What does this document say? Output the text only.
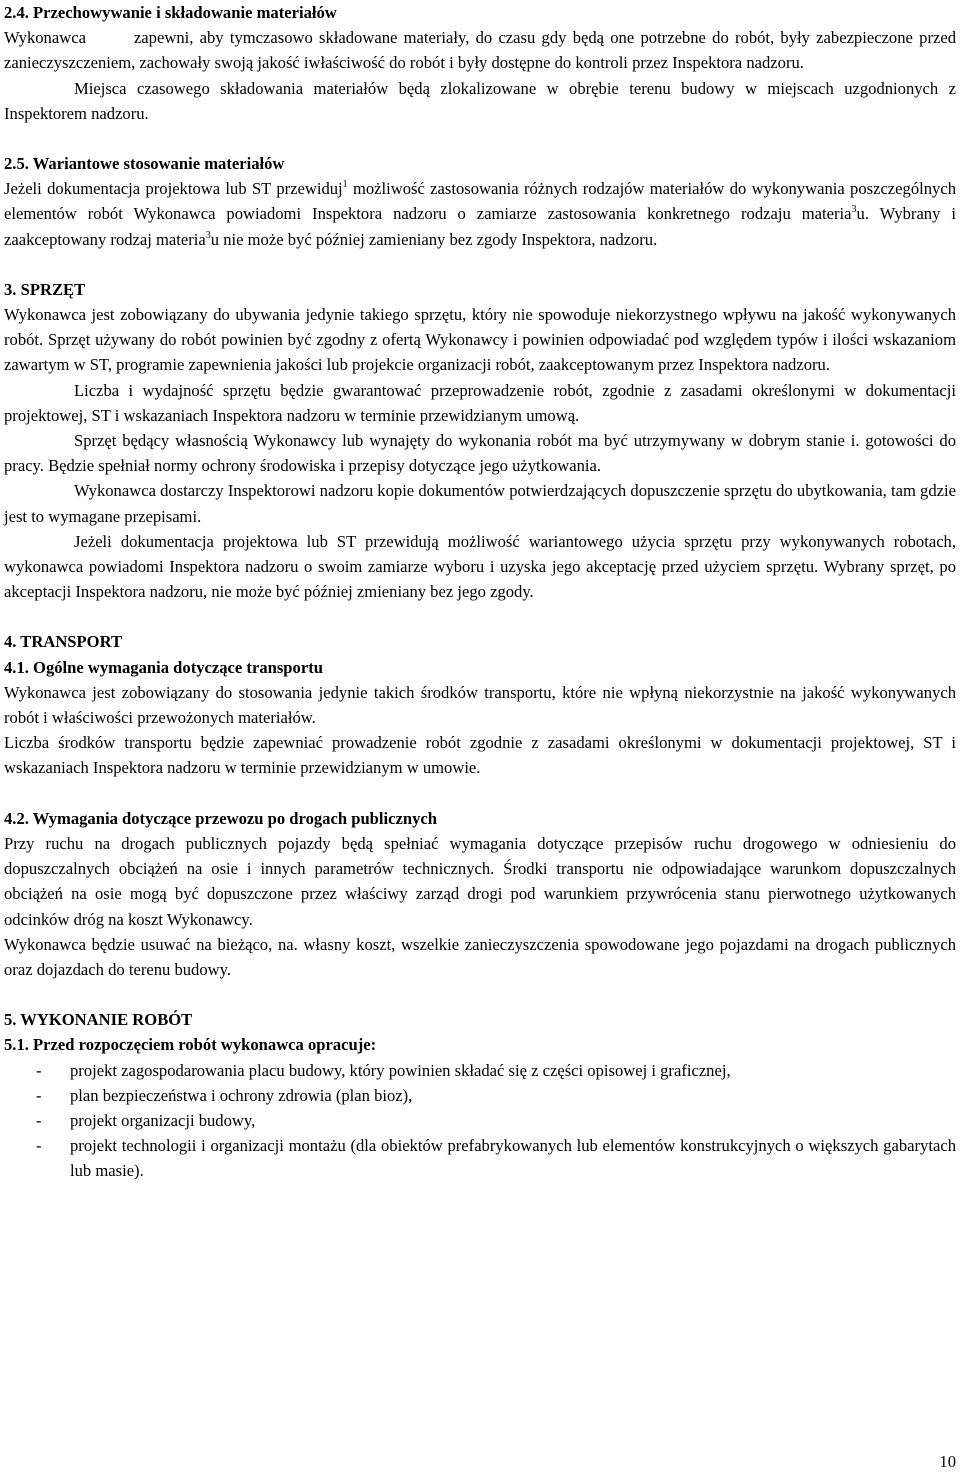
2.4. Przechowywanie i składowanie materiałów

Wykonawca	zapewni, aby tymczasowo składowane materiały, do czasu gdy będą one potrzebne do robót, były zabezpieczone przed zanieczyszczeniem, zachowały swoją jakość iwłaściwość do robót i były dostępne do kontroli przez Inspektora nadzoru.

Miejsca czasowego składowania materiałów będą zlokalizowane w obrębie terenu budowy w miejscach uzgodnionych z Inspektorem nadzoru.

2.5. Wariantowe stosowanie materiałów

Jeżeli dokumentacja projektowa lub ST przewiduj$^1$ możliwość zastosowania różnych rodzajów materiałów do wykonywania poszczególnych elementów robót Wykonawca powiadomi Inspektora nadzoru o zamiarze zastosowania konkretnego rodzaju materia$^3$u. Wybrany i zaakceptowany rodzaj materia$^3$u nie może być później zamieniany bez zgody Inspektora, nadzoru.

3. SPRZĘT

Wykonawca jest zobowiązany do ubywania jedynie takiego sprzętu, który nie spowoduje niekorzystnego wpływu na jakość wykonywanych robót. Sprzęt używany do robót powinien być zgodny z ofertą Wykonawcy i powinien odpowiadać pod względem typów i ilości wskazaniom zawartym w ST, programie zapewnienia jakości lub projekcie organizacji robót, zaakceptowanym przez Inspektora nadzoru.

Liczba i wydajność sprzętu będzie gwarantować przeprowadzenie robót, zgodnie z zasadami określonymi w dokumentacji projektowej, ST i wskazaniach Inspektora nadzoru w terminie przewidzianym umową.

Sprzęt będący własnością Wykonawcy lub wynajęty do wykonania robót ma być utrzymywany w dobrym stanie i. gotowości do pracy. Będzie spełniał normy ochrony środowiska i przepisy dotyczące jego użytkowania.

Wykonawca dostarczy Inspektorowi nadzoru kopie dokumentów potwierdzających dopuszczenie sprzętu do ubytkowania, tam gdzie jest to wymagane przepisami.

Jeżeli dokumentacja projektowa lub ST przewidują możliwość wariantowego użycia sprzętu przy wykonywanych robotach, wykonawca powiadomi Inspektora nadzoru o swoim zamiarze wyboru i uzyska jego akceptację przed użyciem sprzętu. Wybrany sprzęt, po akceptacji Inspektora nadzoru, nie może być później zmieniany bez jego zgody.

4. TRANSPORT
4.1. Ogólne wymagania dotyczące transportu

Wykonawca jest zobowiązany do stosowania jedynie takich środków transportu, które nie wpłyną niekorzystnie na jakość wykonywanych robót i właściwości przewożonych materiałów.

Liczba środków transportu będzie zapewniać prowadzenie robót zgodnie z zasadami określonymi w dokumentacji projektowej, ST i wskazaniach Inspektora nadzoru w terminie przewidzianym w umowie.

4.2. Wymagania dotyczące przewozu po drogach publicznych

Przy ruchu na drogach publicznych pojazdy będą spełniać wymagania dotyczące przepisów ruchu drogowego w odniesieniu do dopuszczalnych obciążeń na osie i innych parametrów technicznych. Środki transportu nie odpowiadające warunkom dopuszczalnych obciążeń na osie mogą być dopuszczone przez właściwy zarząd drogi pod warunkiem przywrócenia stanu pierwotnego użytkowanych odcinków dróg na koszt Wykonawcy.

Wykonawca będzie usuwać na bieżąco, na. własny koszt, wszelkie zanieczyszczenia spowodowane jego pojazdami na drogach publicznych oraz dojazdach do terenu budowy.

5. WYKONANIE ROBÓT
5.1. Przed rozpoczęciem robót wykonawca opracuje:
- projekt zagospodarowania placu budowy, który powinien składać się z części opisowej i graficznej,
- plan bezpieczeństwa i ochrony zdrowia (plan bioz),
- projekt organizacji budowy,
- projekt technologii i organizacji montażu (dla obiektów prefabrykowanych lub elementów konstrukcyjnych o większych gabarytach lub masie).
10
